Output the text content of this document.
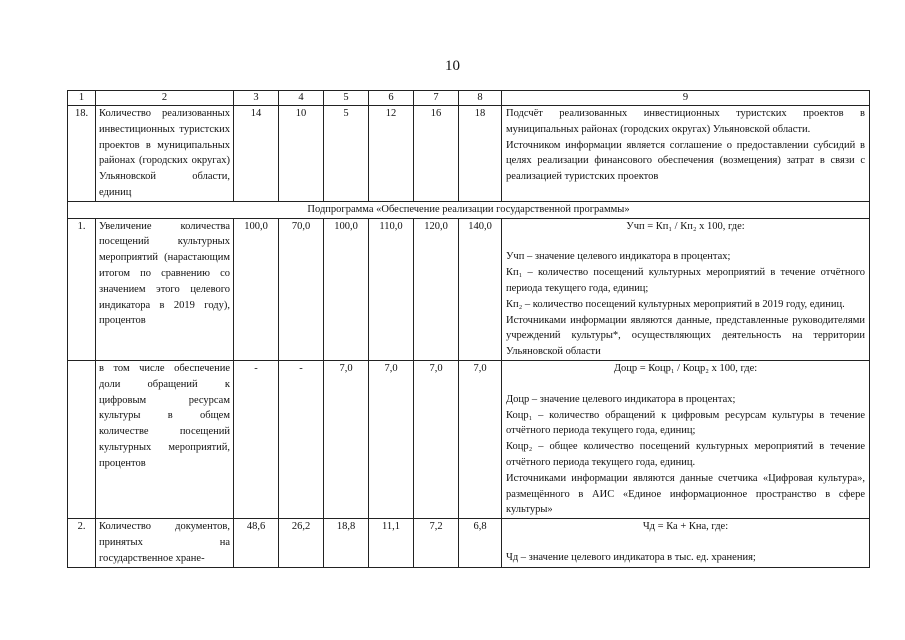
10
1	2	3	4	5	6	7	8	9
18.	Количество реализованных инвестиционных туристских проектов в муниципальных районах (городских округах) Ульяновской области, единиц	14	10	5	12	16	18	Подсчёт реализованных инвестиционных туристских проектов в муниципальных районах (городских округах) Ульяновской области.
Источником информации является соглашение о предоставлении субсидий в целях реализации финансового обеспечения (возмещения) затрат в связи с реализацией туристских проектов

Подпрограмма «Обеспечение реализации государственной программы»								
1.	Увеличение количества посещений культурных мероприятий (нарастающим итогом по сравнению со значением этого целевого индикатора в 2019 году), процентов	100,0	70,0	100,0	110,0	120,0	140,0	Учп = Кп₁ / Кп₂ х 100, где:
Учп – значение целевого индикатора в процентах;
Кп₁ – количество посещений культурных мероприятий в течение отчётного периода текущего года, единиц;
Кп₂ – количество посещений культурных мероприятий в 2019 году, единиц.
Источниками информации являются данные, представленные руководителями учреждений культуры*, осуществляющих деятельность на территории Ульяновской области

	в том числе обеспечение доли обращений к цифровым ресурсам культуры в общем количестве посещений культурных мероприятий, процентов	-	-	7,0	7,0	7,0	7,0	Доцр = Коцр₁ / Коцр₂ х 100, где:
Доцр – значение целевого индикатора в процентах;
Коцр₁ – количество обращений к цифровым ресурсам культуры в течение отчётного периода текущего года, единиц;
Коцр₂ – общее количество посещений культурных мероприятий в течение отчётного периода текущего года, единиц.
Источниками информации являются данные счетчика «Цифровая культура», размещённого в АИС «Единое информационное пространство в сфере культуры»

2.	Количество документов, принятых на государственное хране-	48,6	26,2	18,8	11,1	7,2	6,8	Чд = Ка + Кна, где:
Чд – значение целевого индикатора в тыс. ед. хранения;
